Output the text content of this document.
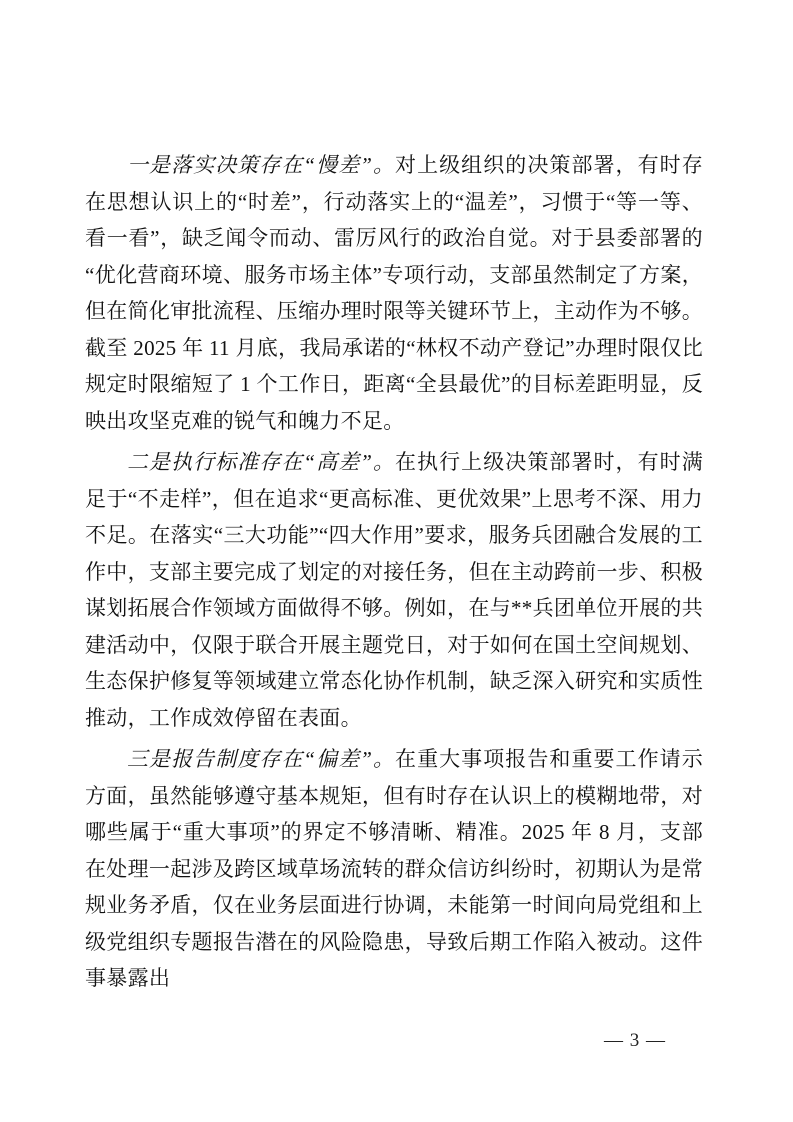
一是落实决策存在“慢差”。对上级组织的决策部署，有时存在思想认识上的“时差”，行动落实上的“温差”，习惯于“等一等、看一看”，缺乏闻令而动、雷厉风行的政治自觉。对于县委部署的“优化营商环境、服务市场主体”专项行动，支部虽然制定了方案，但在简化审批流程、压缩办理时限等关键环节上，主动作为不够。截至 2025 年 11 月底，我局承诺的“林权不动产登记”办理时限仅比规定时限缩短了 1 个工作日，距离“全县最优”的目标差距明显，反映出攻坚克难的锐气和魄力不足。

二是执行标准存在“高差”。在执行上级决策部署时，有时满足于“不走样”，但在追求“更高标准、更优效果”上思考不深、用力不足。在落实“三大功能”“四大作用”要求，服务兵团融合发展的工作中，支部主要完成了划定的对接任务，但在主动跨前一步、积极谋划拓展合作领域方面做得不够。例如，在与**兵团单位开展的共建活动中，仅限于联合开展主题党日，对于如何在国土空间规划、生态保护修复等领域建立常态化协作机制，缺乏深入研究和实质性推动，工作成效停留在表面。

三是报告制度存在“偏差”。在重大事项报告和重要工作请示方面，虽然能够遵守基本规矩，但有时存在认识上的模糊地带，对哪些属于“重大事项”的界定不够清晰、精准。2025 年 8 月，支部在处理一起涉及跨区域草场流转的群众信访纠纷时，初期认为是常规业务矛盾，仅在业务层面进行协调，未能第一时间向局党组和上级党组织专题报告潜在的风险隐患，导致后期工作陷入被动。这件事暴露出

— 3 —
